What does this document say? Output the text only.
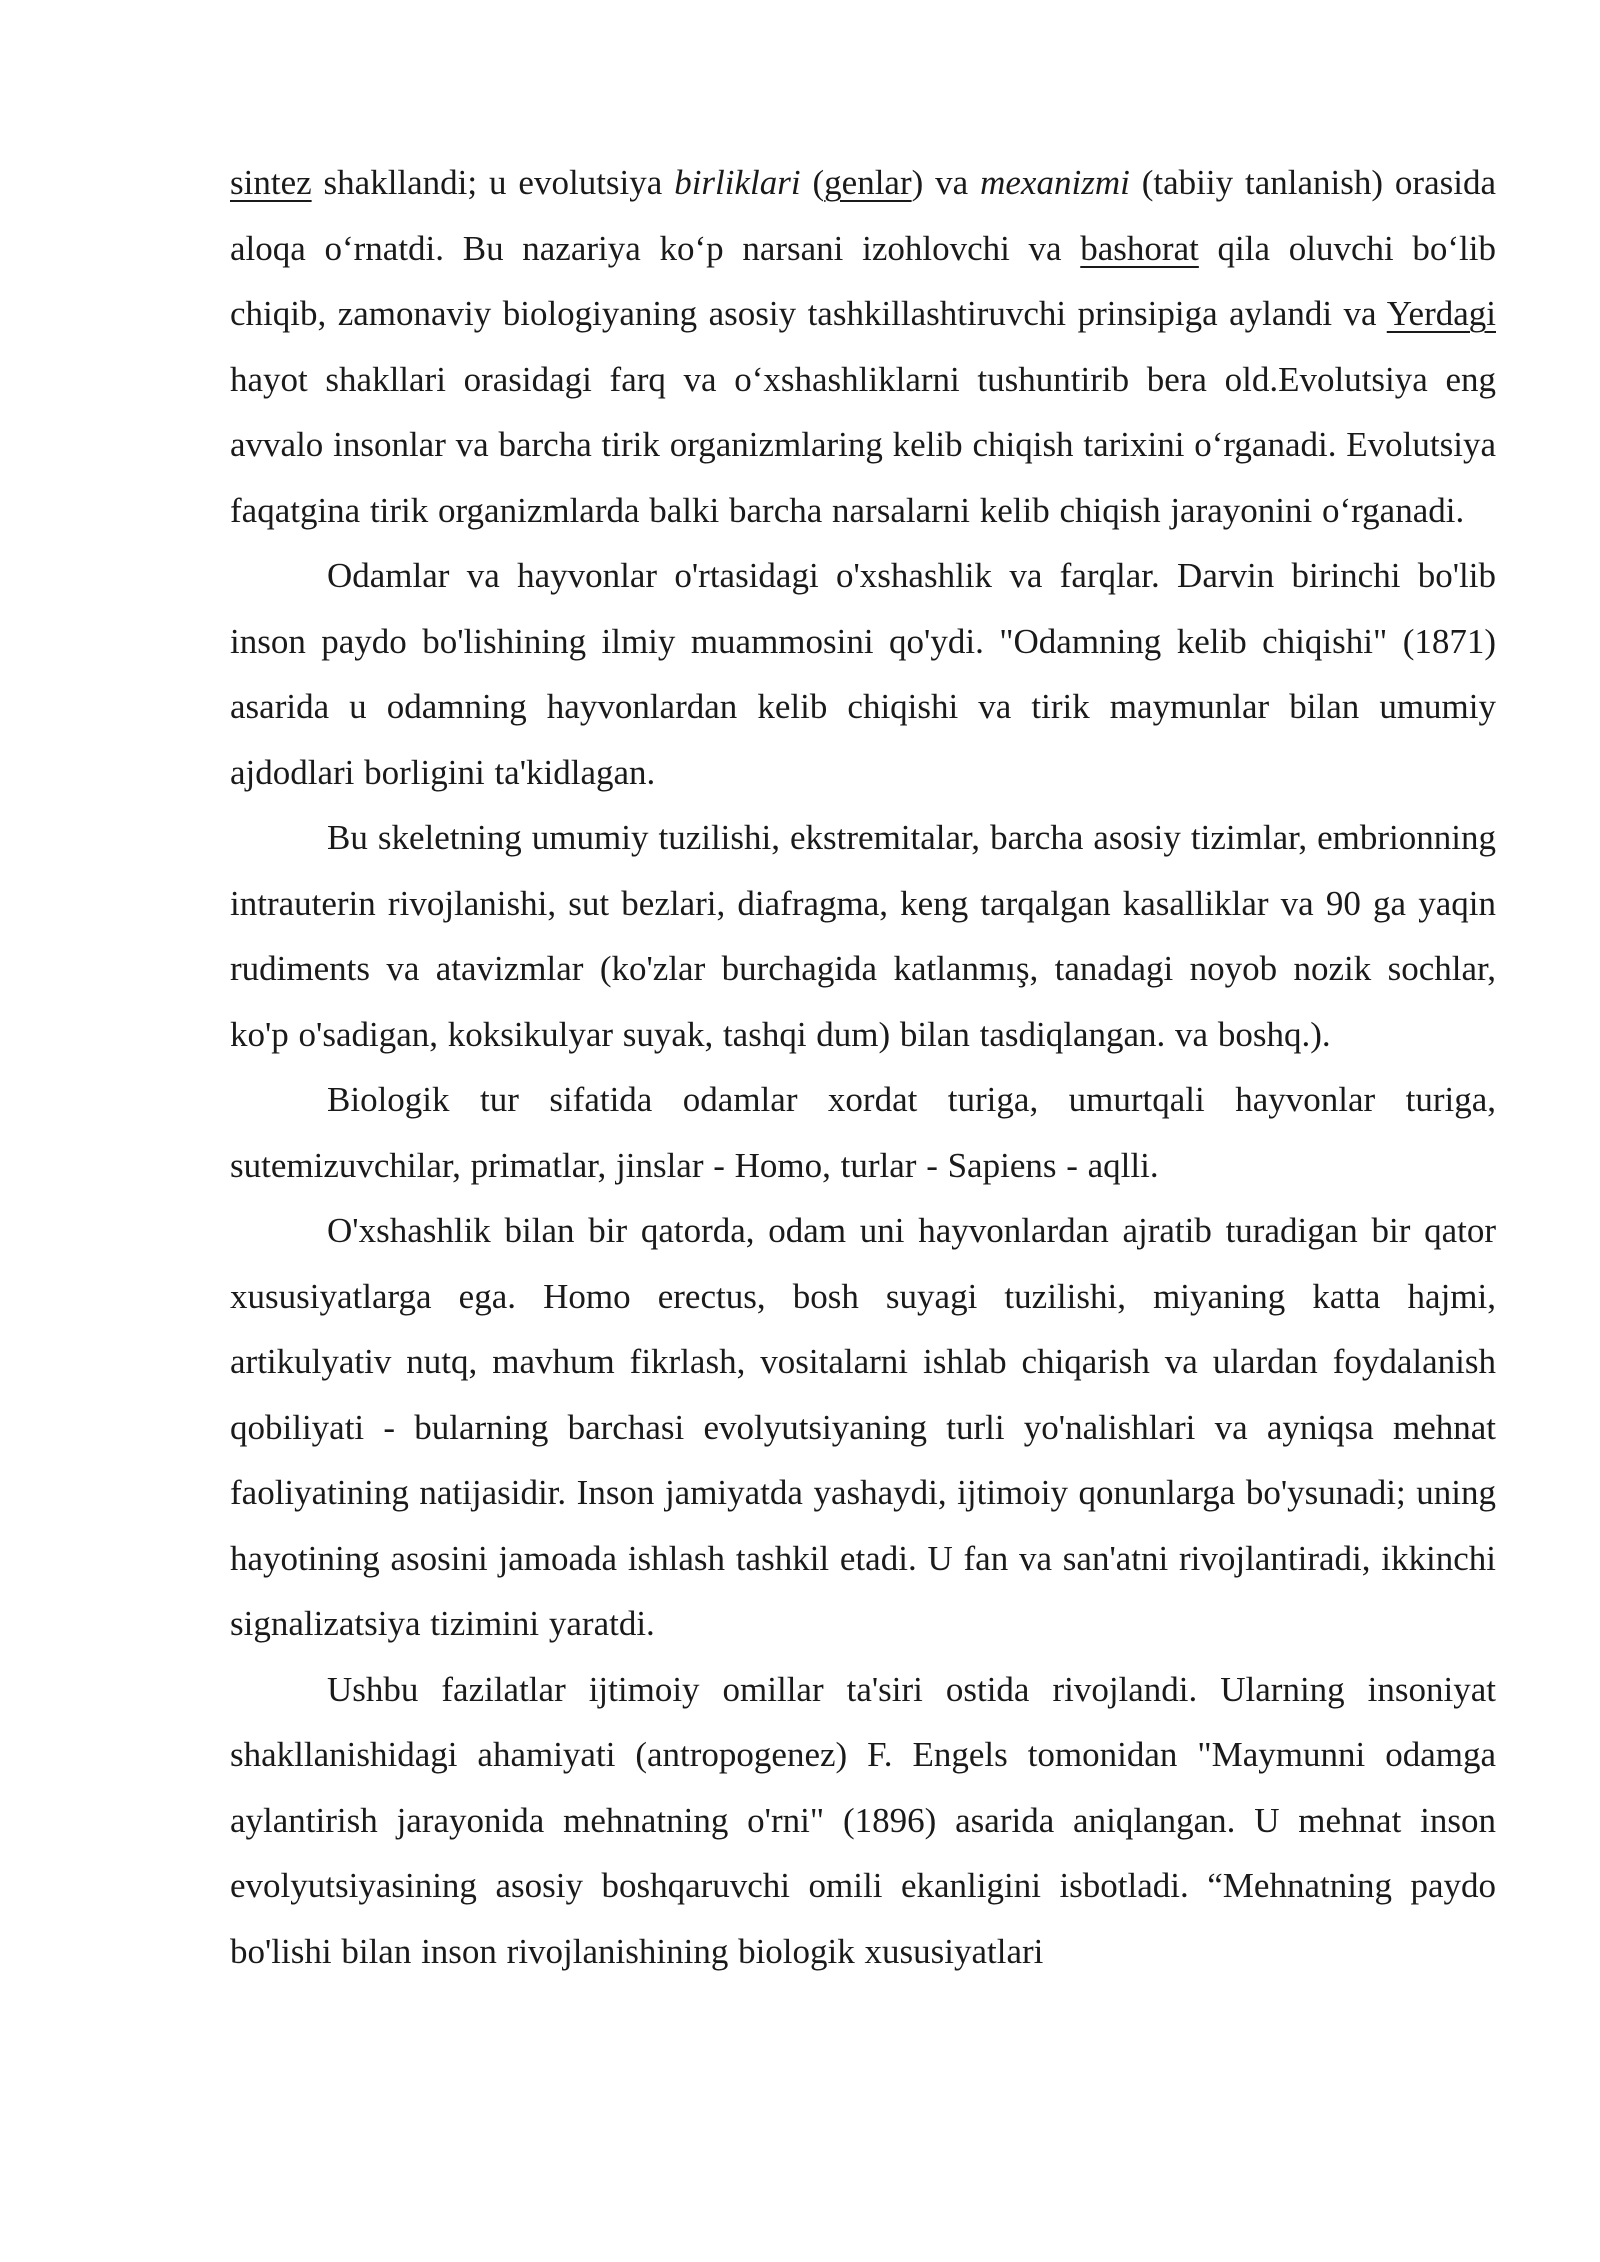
sintez shakllandi; u evolutsiya birliklari (genlar) va mexanizmi (tabiiy tanlanish) orasida aloqa o‘rnatdi. Bu nazariya ko‘p narsani izohlovchi va bashorat qila oluvchi bo‘lib chiqib, zamonaviy biologiyaning asosiy tashkillashtiruvchi prinsipiga aylandi va Yerdagi hayot shakllari orasidagi farq va o‘xshashliklarni tushuntirib bera old.Evolutsiya eng avvalo insonlar va barcha tirik organizmlaring kelib chiqish tarixini o‘rganadi. Evolutsiya faqatgina tirik organizmlarda balki barcha narsalarni kelib chiqish jarayonini o‘rganadi.

Odamlar va hayvonlar o'rtasidagi o'xshashlik va farqlar. Darvin birinchi bo'lib inson paydo bo'lishining ilmiy muammosini qo'ydi. "Odamning kelib chiqishi" (1871) asarida u odamning hayvonlardan kelib chiqishi va tirik maymunlar bilan umumiy ajdodlari borligini ta'kidlagan.

Bu skeletning umumiy tuzilishi, ekstremitalar, barcha asosiy tizimlar, embrionning intrauterin rivojlanishi, sut bezlari, diafragma, keng tarqalgan kasalliklar va 90 ga yaqin rudiments va atavizmlar (ko'zlar burchagida katlanmış, tanadagi noyob nozik sochlar, ko'p o'sadigan, koksikulyar suyak, tashqi dum) bilan tasdiqlangan. va boshq.).

Biologik tur sifatida odamlar xordat turiga, umurtqali hayvonlar turiga, sutemizuvchilar, primatlar, jinslar - Homo, turlar - Sapiens - aqlli.

O'xshashlik bilan bir qatorda, odam uni hayvonlardan ajratib turadigan bir qator xususiyatlarga ega. Homo erectus, bosh suyagi tuzilishi, miyaning katta hajmi, artikulyativ nutq, mavhum fikrlash, vositalarni ishlab chiqarish va ulardan foydalanish qobiliyati - bularning barchasi evolyutsiyaning turli yo'nalishlari va ayniqsa mehnat faoliyatining natijasidir. Inson jamiyatda yashaydi, ijtimoiy qonunlarga bo'ysunadi; uning hayotining asosini jamoada ishlash tashkil etadi. U fan va san'atni rivojlantiradi, ikkinchi signalizatsiya tizimini yaratdi.

Ushbu fazilatlar ijtimoiy omillar ta'siri ostida rivojlandi. Ularning insoniyat shakllanishidagi ahamiyati (antropogenez) F. Engels tomonidan "Maymunni odamga aylantirish jarayonida mehnatning o'rni" (1896) asarida aniqlangan. U mehnat inson evolyutsiyasining asosiy boshqaruvchi omili ekanligini isbotladi. “Mehnatning paydo bo'lishi bilan inson rivojlanishining biologik xususiyatlari
